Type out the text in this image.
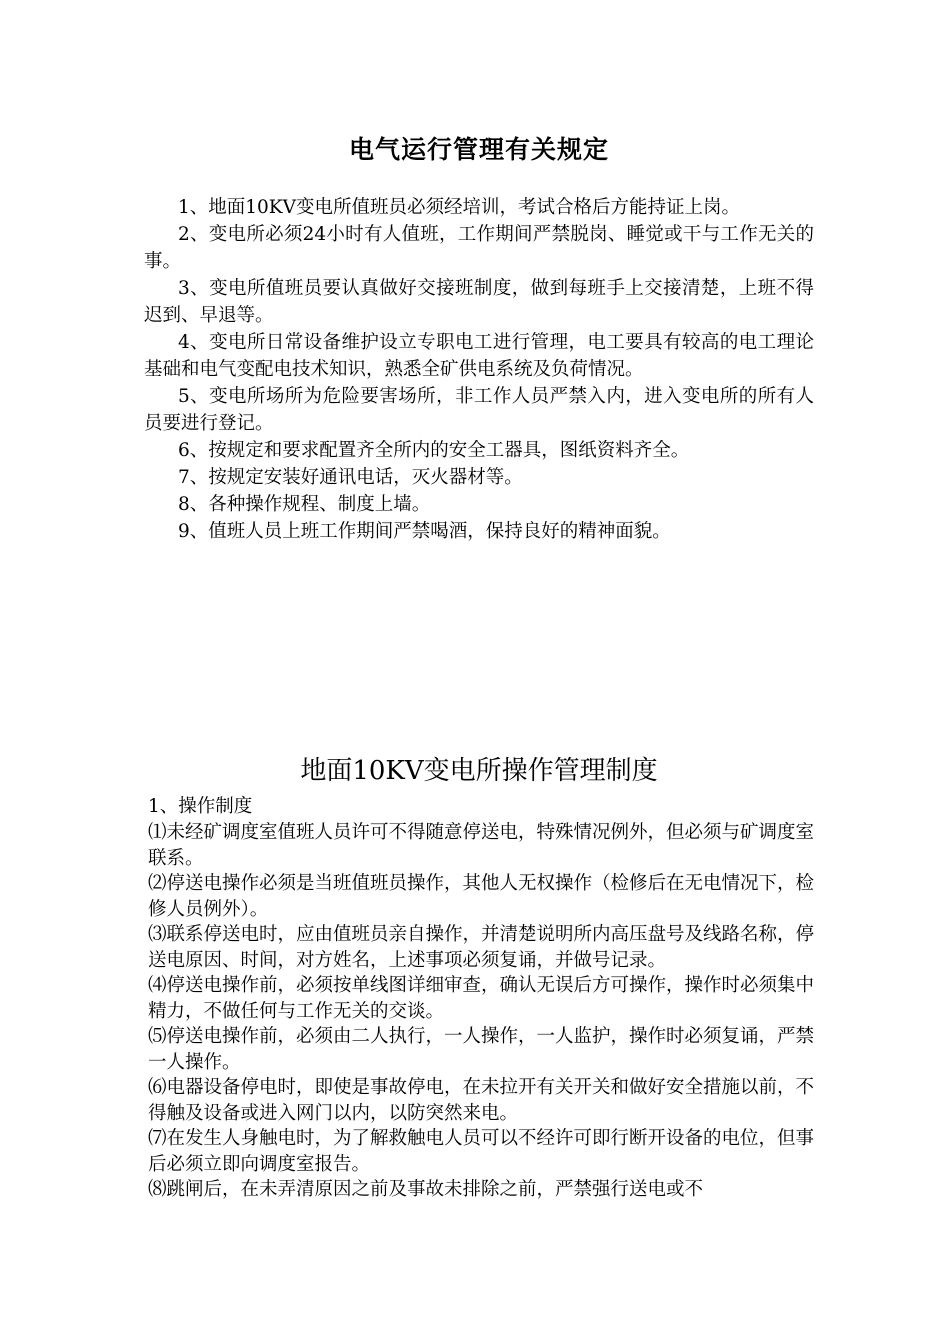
电气运行管理有关规定

1、地面10KV变电所值班员必须经培训，考试合格后方能持证上岗。

2、变电所必须24小时有人值班，工作期间严禁脱岗、睡觉或干与工作无关的事。

3、变电所值班员要认真做好交接班制度，做到每班手上交接清楚，上班不得迟到、早退等。

4、变电所日常设备维护设立专职电工进行管理，电工要具有较高的电工理论基础和电气变配电技术知识，熟悉全矿供电系统及负荷情况。

5、变电所场所为危险要害场所，非工作人员严禁入内，进入变电所的所有人员要进行登记。

6、按规定和要求配置齐全所内的安全工器具，图纸资料齐全。

7、按规定安装好通讯电话，灭火器材等。

8、各种操作规程、制度上墙。

9、值班人员上班工作期间严禁喝酒，保持良好的精神面貌。

地面10KV变电所操作管理制度

1、操作制度

⑴未经矿调度室值班人员许可不得随意停送电，特殊情况例外，但必须与矿调度室联系。

⑵停送电操作必须是当班值班员操作，其他人无权操作（检修后在无电情况下，检修人员例外）。

⑶联系停送电时，应由值班员亲自操作，并清楚说明所内高压盘号及线路名称，停送电原因、时间，对方姓名，上述事项必须复诵，并做号记录。

⑷停送电操作前，必须按单线图详细审查，确认无误后方可操作，操作时必须集中精力，不做任何与工作无关的交谈。

⑸停送电操作前，必须由二人执行，一人操作，一人监护，操作时必须复诵，严禁一人操作。

⑹电器设备停电时，即使是事故停电，在未拉开有关开关和做好安全措施以前，不得触及设备或进入网门以内，以防突然来电。

⑺在发生人身触电时，为了解救触电人员可以不经许可即行断开设备的电位，但事后必须立即向调度室报告。

⑻跳闸后，在未弄清原因之前及事故未排除之前，严禁强行送电或不
